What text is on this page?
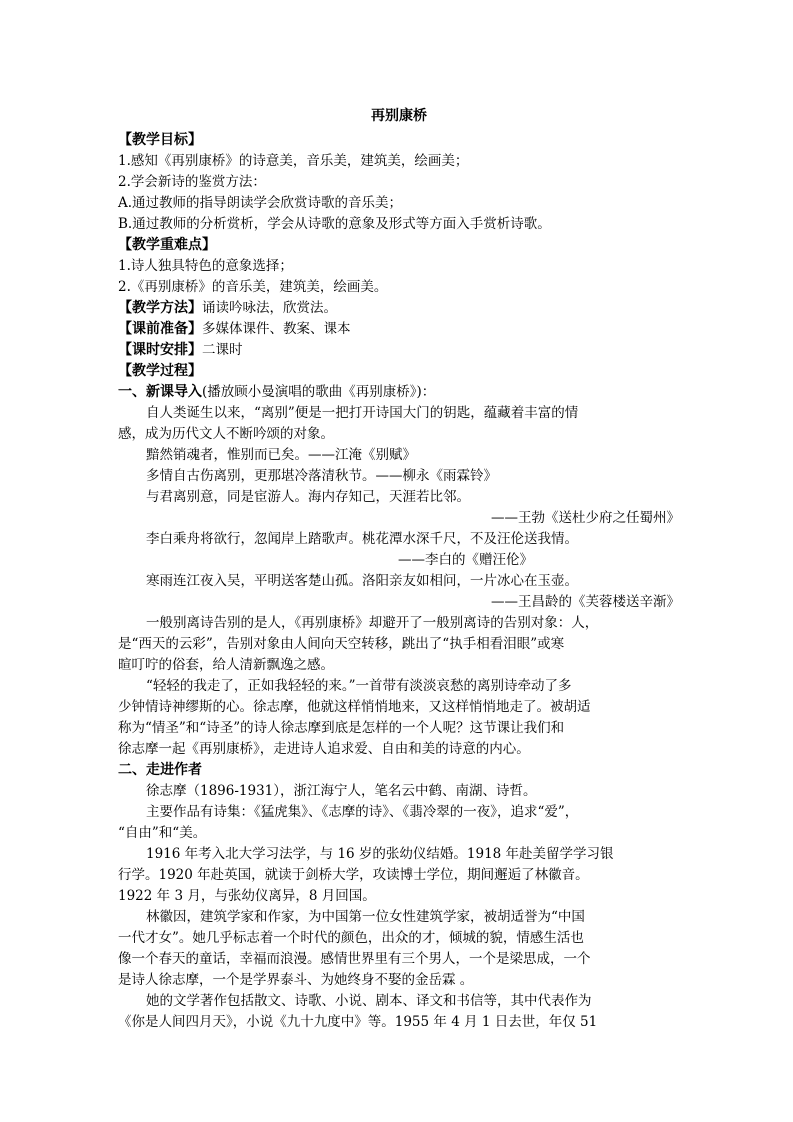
再别康桥
【教学目标】
1.感知《再别康桥》的诗意美，音乐美，建筑美，绘画美；
2.学会新诗的鉴赏方法：
A.通过教师的指导朗读学会欣赏诗歌的音乐美；
B.通过教师的分析赏析，学会从诗歌的意象及形式等方面入手赏析诗歌。
【教学重难点】
1.诗人独具特色的意象选择；
2.《再别康桥》的音乐美，建筑美，绘画美。
【教学方法】诵读吟咏法，欣赏法。
【课前准备】多媒体课件、教案、课本
【课时安排】二课时
【教学过程】
一、新课导入(播放顾小曼演唱的歌曲《再别康桥》)：
自人类诞生以来，“离别”便是一把打开诗国大门的钥匙，蕴藏着丰富的情
感，成为历代文人不断吟颂的对象。
黯然销魂者，惟别而已矣。——江淹《别赋》
多情自古伤离别，更那堪冷落清秋节。——柳永《雨霖铃》
与君离别意，同是宦游人。海内存知己，天涯若比邻。
——王勃《送杜少府之任蜀州》
李白乘舟将欲行，忽闻岸上踏歌声。桃花潭水深千尺，不及汪伦送我情。
——李白的《赠汪伦》
寒雨连江夜入吴，平明送客楚山孤。洛阳亲友如相问，一片冰心在玉壶。
——王昌龄的《芙蓉楼送辛渐》
一般别离诗告别的是人，《再别康桥》却避开了一般别离诗的告别对象：人，
是“西天的云彩”，告别对象由人间向天空转移，跳出了“执手相看泪眼”或寒
暄叮咛的俗套，给人清新飘逸之感。
“轻轻的我走了，正如我轻轻的来。”一首带有淡淡哀愁的离别诗牵动了多
少钟情诗神缪斯的心。徐志摩，他就这样悄悄地来，又这样悄悄地走了。被胡适
称为“情圣”和“诗圣”的诗人徐志摩到底是怎样的一个人呢？这节课让我们和
徐志摩一起《再别康桥》，走进诗人追求爱、自由和美的诗意的内心。
二、走进作者
徐志摩（1896-1931），浙江海宁人，笔名云中鹤、南湖、诗哲。
主要作品有诗集：《猛虎集》、《志摩的诗》、《翡冷翠的一夜》，追求“爱”，
“自由”和“美。
1916 年考入北大学习法学，与 16 岁的张幼仪结婚。1918 年赴美留学学习银
行学。1920 年赴英国，就读于剑桥大学，攻读博士学位，期间邂逅了林徽音。
1922 年 3 月，与张幼仪离异，8 月回国。
林徽因，建筑学家和作家，为中国第一位女性建筑学家，被胡适誉为“中国
一代才女”。她几乎标志着一个时代的颜色，出众的才，倾城的貌，情感生活也
像一个春天的童话，幸福而浪漫。感情世界里有三个男人，一个是梁思成，一个
是诗人徐志摩，一个是学界泰斗、为她终身不娶的金岳霖 。
她的文学著作包括散文、诗歌、小说、剧本、译文和书信等，其中代表作为
《你是人间四月天》，小说《九十九度中》等。1955 年 4 月 1 日去世，年仅 51
